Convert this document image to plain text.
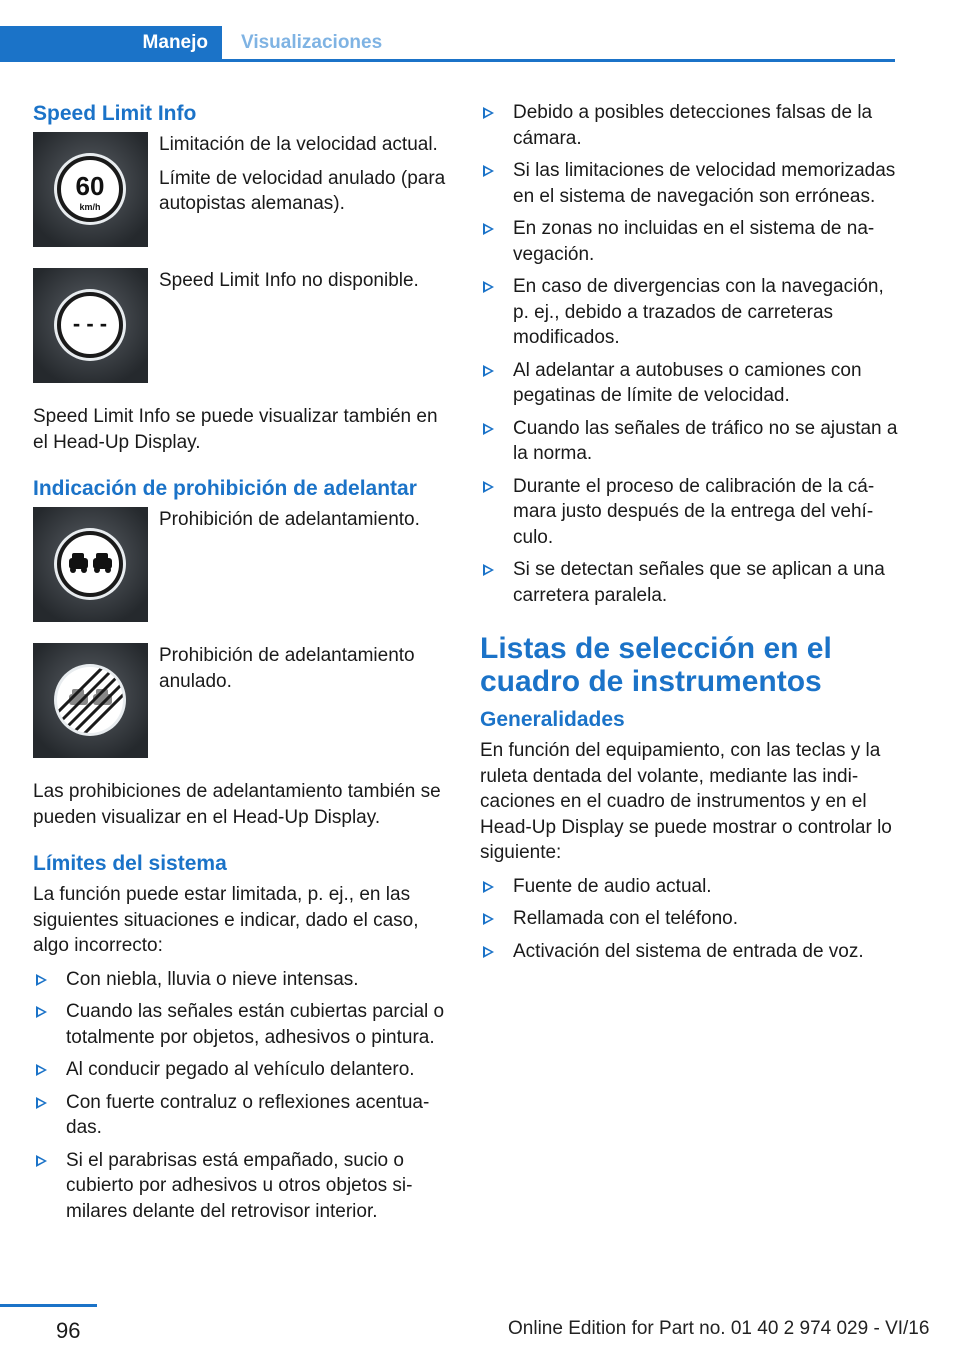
Manejo Visualizaciones
Speed Limit Info
60
km/h

Limitación de la velocidad actual.

Límite de velocidad anulado (para autopistas alemanas).

- - -

Speed Limit Info no disponible.

Speed Limit Info se puede visualizar también en el Head-Up Display.

Indicación de prohibición de adelantar

Prohibición de adelantamiento.

Prohibición de adelantamiento anulado.

Las prohibiciones de adelantamiento también se pueden visualizar en el Head-Up Display.

Límites del sistema

La función puede estar limitada, p. ej., en las siguientes situaciones e indicar, dado el caso, algo incorrecto:

Con niebla, lluvia o nieve intensas.
Cuando las señales están cubiertas parcial o totalmente por objetos, adhesivos o pintura.
Al conducir pegado al vehículo delantero.
Con fuerte contraluz o reflexiones acentuadas.
Si el parabrisas está empañado, sucio o cubierto por adhesivos u otros objetos similares delante del retrovisor interior.
Debido a posibles detecciones falsas de la cámara.
Si las limitaciones de velocidad memorizadas en el sistema de navegación son erróneas.
En zonas no incluidas en el sistema de navegación.
En caso de divergencias con la navegación, p. ej., debido a trazados de carreteras modificados.
Al adelantar a autobuses o camiones con pegatinas de límite de velocidad.
Cuando las señales de tráfico no se ajustan a la norma.
Durante el proceso de calibración de la cámara justo después de la entrega del vehículo.
Si se detectan señales que se aplican a una carretera paralela.
Listas de selección en el cuadro de instrumentos
Generalidades

En función del equipamiento, con las teclas y la ruleta dentada del volante, mediante las indicaciones en el cuadro de instrumentos y en el Head-Up Display se puede mostrar o controlar lo siguiente:

Fuente de audio actual.
Rellamada con el teléfono.
Activación del sistema de entrada de voz.
96	Online Edition for Part no. 01 40 2 974 029 - VI/16
